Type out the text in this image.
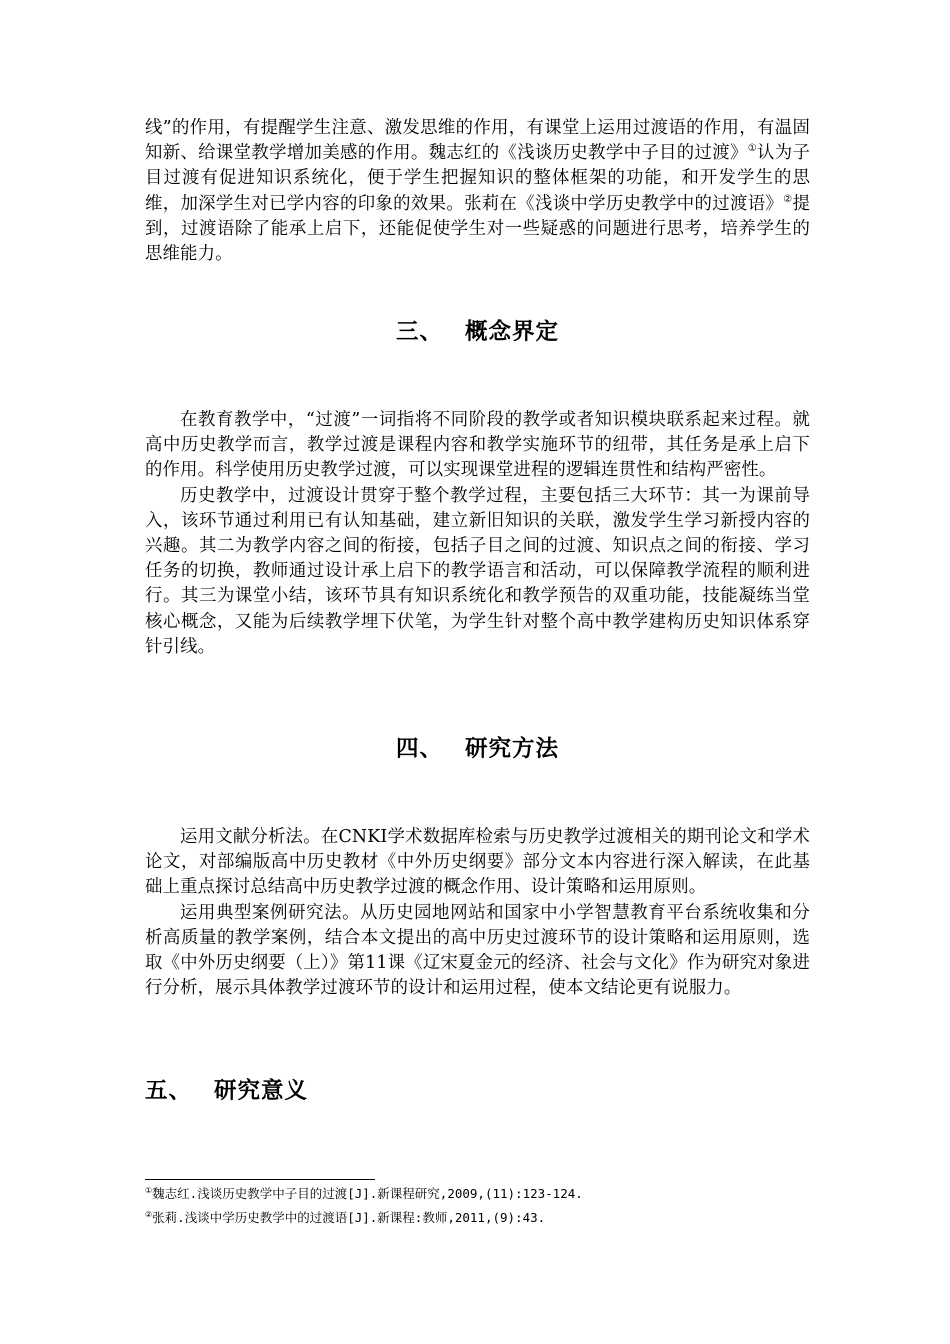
线”的作用，有提醒学生注意、激发思维的作用，有课堂上运用过渡语的作用，有温固知新、给课堂教学增加美感的作用。魏志红的《浅谈历史教学中子目的过渡》①认为子目过渡有促进知识系统化，便于学生把握知识的整体框架的功能，和开发学生的思维，加深学生对已学内容的印象的效果。张莉在《浅谈中学历史教学中的过渡语》②提到，过渡语除了能承上启下，还能促使学生对一些疑惑的问题进行思考，培养学生的思维能力。

三、 概念界定

在教育教学中，“过渡”一词指将不同阶段的教学或者知识模块联系起来过程。就高中历史教学而言，教学过渡是课程内容和教学实施环节的纽带，其任务是承上启下的作用。科学使用历史教学过渡，可以实现课堂进程的逻辑连贯性和结构严密性。

历史教学中，过渡设计贯穿于整个教学过程，主要包括三大环节：其一为课前导入，该环节通过利用已有认知基础，建立新旧知识的关联，激发学生学习新授内容的兴趣。其二为教学内容之间的衔接，包括子目之间的过渡、知识点之间的衔接、学习任务的切换，教师通过设计承上启下的教学语言和活动，可以保障教学流程的顺利进行。其三为课堂小结，该环节具有知识系统化和教学预告的双重功能，技能凝练当堂核心概念，又能为后续教学埋下伏笔，为学生针对整个高中教学建构历史知识体系穿针引线。

四、 研究方法

运用文献分析法。在CNKI学术数据库检索与历史教学过渡相关的期刊论文和学术论文，对部编版高中历史教材《中外历史纲要》部分文本内容进行深入解读，在此基础上重点探讨总结高中历史教学过渡的概念作用、设计策略和运用原则。

运用典型案例研究法。从历史园地网站和国家中小学智慧教育平台系统收集和分析高质量的教学案例，结合本文提出的高中历史过渡环节的设计策略和运用原则，选取《中外历史纲要（上）》第11课《辽宋夏金元的经济、社会与文化》作为研究对象进行分析，展示具体教学过渡环节的设计和运用过程，使本文结论更有说服力。

五、 研究意义
①魏志红.浅谈历史教学中子目的过渡[J].新课程研究,2009,(11):123-124.
②张莉.浅谈中学历史教学中的过渡语[J].新课程:教师,2011,(9):43.
